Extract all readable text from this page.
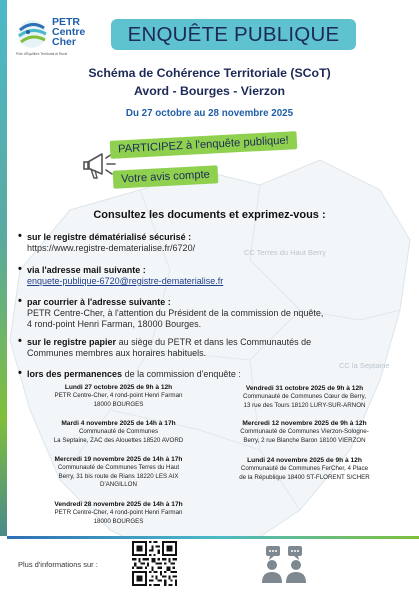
CC Terres du Haut Berry
CC la Septaine
PETR
Centre
Cher
Pôle d'Équilibre Territorial et Rural
ENQUÊTE PUBLIQUE
Schéma de Cohérence Territoriale (SCoT)
Avord - Bourges - Vierzon
Du 27 octobre au 28 novembre 2025
PARTICIPEZ à l'enquête publique!
Votre avis compte
Consultez les documents et exprimez-vous :
• sur le registre dématérialisé sécurisé :
https://www.registre-dematerialise.fr/6720/
• via l'adresse mail suivante :
enquete-publique-6720@registre-dematerialise.fr
• par courrier à l'adresse suivante :
PETR Centre-Cher, à l'attention du Président de la commission de nquête,
4 rond-point Henri Farman, 18000 Bourges.
• sur le registre papier au siège du PETR et dans les Communautés de
Communes membres aux horaires habituels.
• lors des permanences de la commission d'enquête :
Lundi 27 octobre 2025 de 9h à 12h
PETR Centre-Cher, 4 rond-point Henri Farman
18000 BOURGES
Vendredi 31 octobre 2025 de 9h à 12h
Communauté de Communes Cœur de Berry,
13 rue des Tours 18120 LURY-SUR-ARNON
Mardi 4 novembre 2025 de 14h à 17h
Communauté de Communes
La Septaine, ZAC des Alouettes 18520 AVORD
Mercredi 12 novembre 2025 de 9h à 12h
Communauté de Communes Vierzon-Sologne-
Berry, 2 rue Blanche Baron 18100 VIERZON
Mercredi 19 novembre 2025 de 14h à 17h
Communauté de Communes Terres du Haut
Berry, 31 bis route de Rians 18220 LES AIX
D'ANGILLON
Lundi 24 novembre 2025 de 9h à 12h
Communauté de Communes FerCher, 4 Place
de la République 18400 ST-FLORENT S/CHER
Vendredi 28 novembre 2025 de 14h à 17h
PETR Centre-Cher, 4 rond-point Henri Farman
18000 BOURGES
Plus d'informations sur :
